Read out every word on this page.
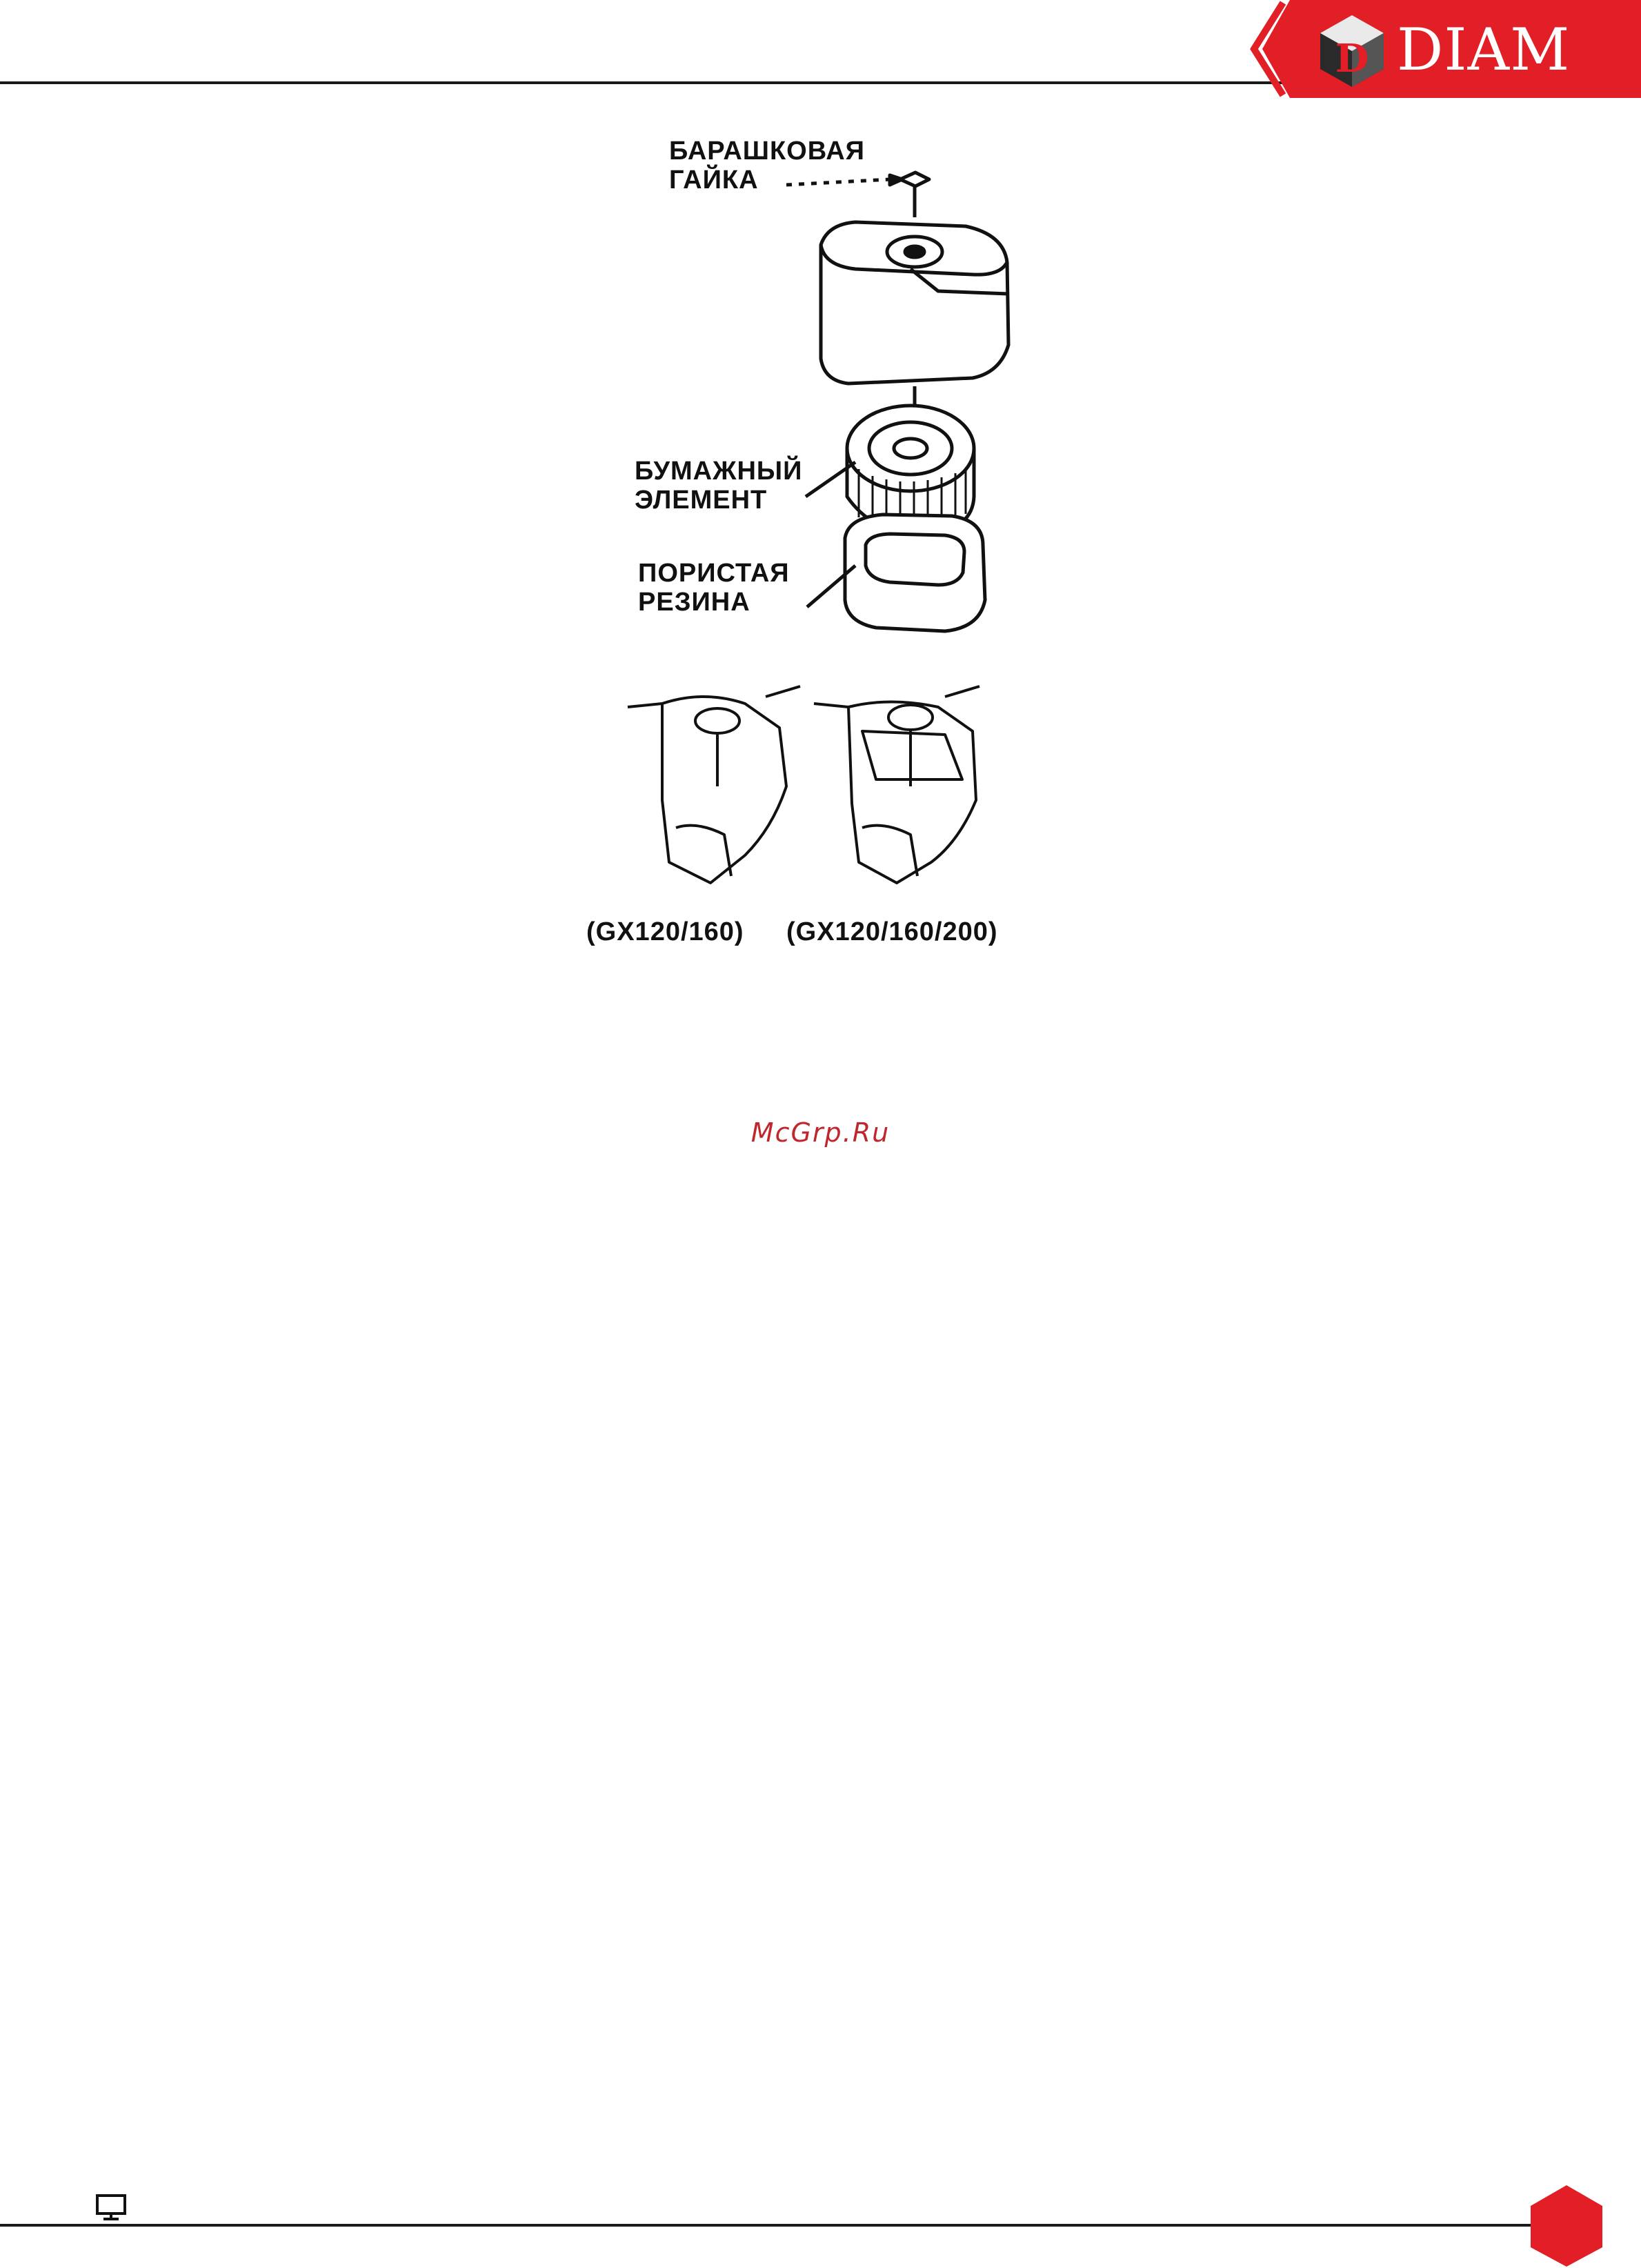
D DIAM
БАРАШКОВАЯ
ГАЙКА
БУМАЖНЫЙ
ЭЛЕМЕНТ
ПОРИСТАЯ
РЕЗИНА
(GX120/160) (GX120/160/200)
McGrp.Ru
